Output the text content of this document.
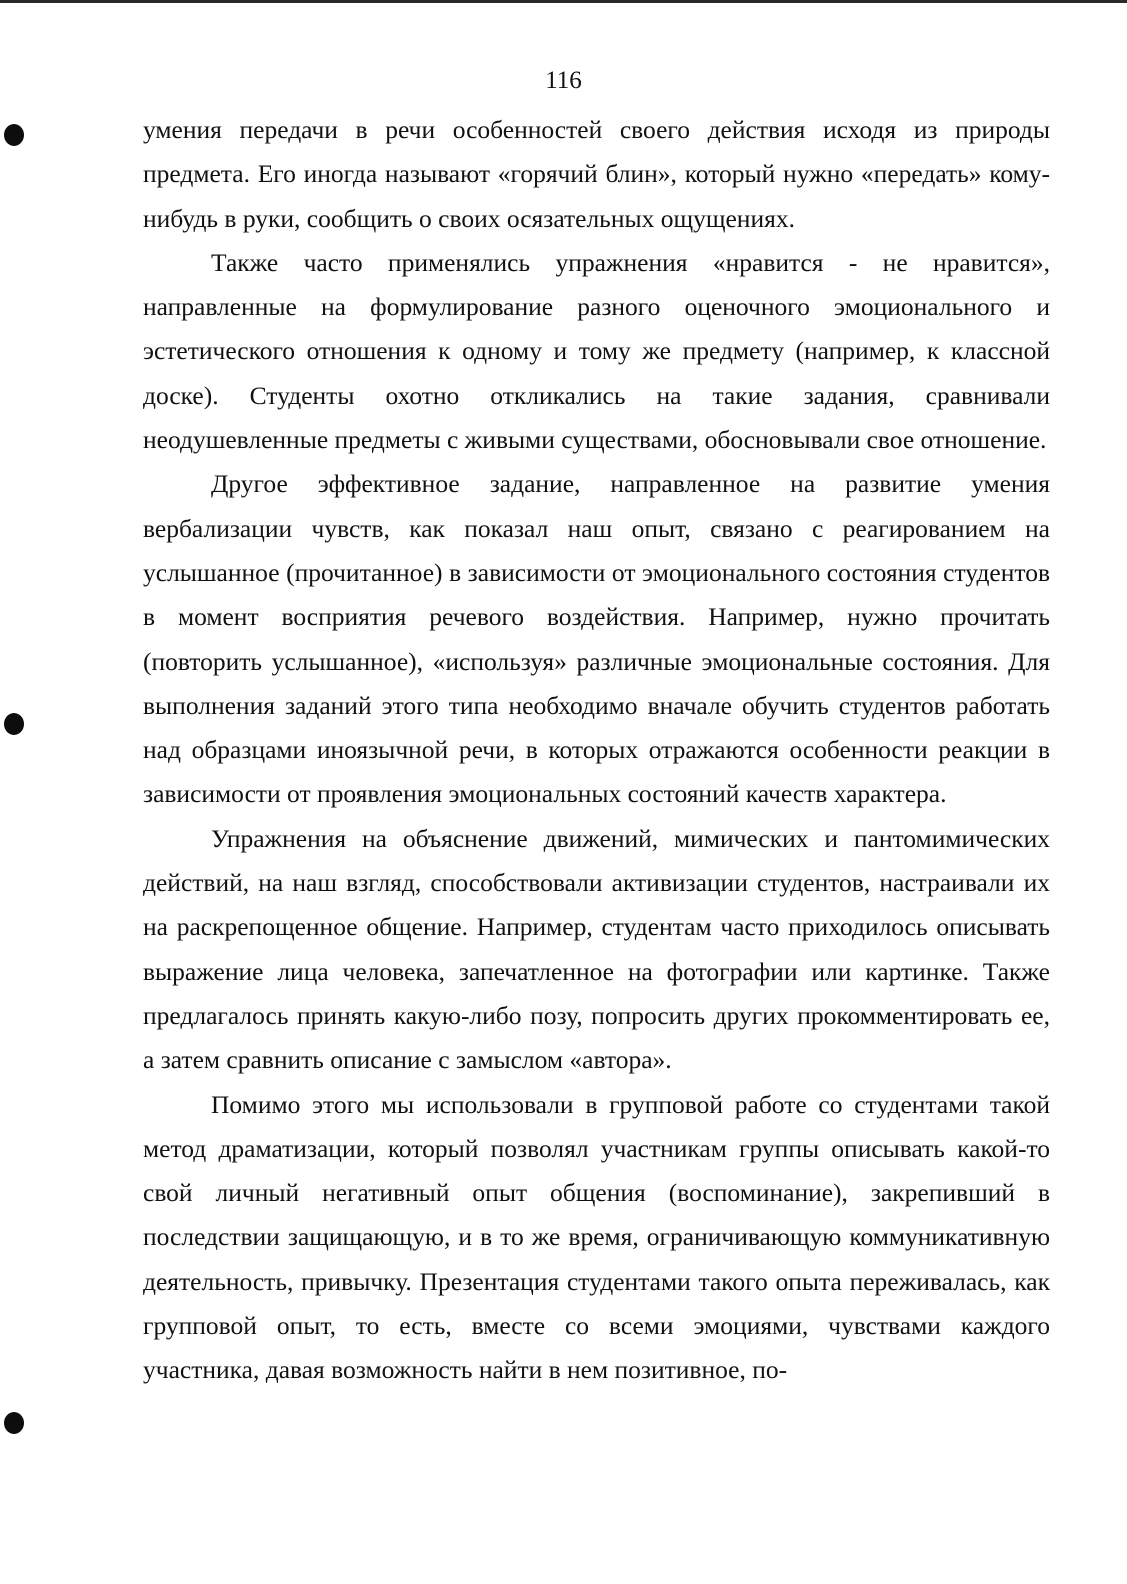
116

умения передачи в речи особенностей своего действия исходя из природы предмета. Его иногда называют «горячий блин», который нужно «передать» кому-нибудь в руки, сообщить о своих осязательных ощущениях.

Также часто применялись упражнения «нравится - не нравится», направленные на формулирование разного оценочного эмоционального и эстетического отношения к одному и тому же предмету (например, к классной доске). Студенты охотно откликались на такие задания, сравнивали неодушевленные предметы с живыми существами, обосновывали свое отношение.

Другое эффективное задание, направленное на развитие умения вербализации чувств, как показал наш опыт, связано с реагированием на услышанное (прочитанное) в зависимости от эмоционального состояния студентов в момент восприятия речевого воздействия. Например, нужно прочитать (повторить услышанное), «используя» различные эмоциональные состояния. Для выполнения заданий этого типа необходимо вначале обучить студентов работать над образцами иноязычной речи, в которых отражаются особенности реакции в зависимости от проявления эмоциональных состояний качеств характера.

Упражнения на объяснение движений, мимических и пантомимических действий, на наш взгляд, способствовали активизации студентов, настраивали их на раскрепощенное общение. Например, студентам часто приходилось описывать выражение лица человека, запечатленное на фотографии или картинке. Также предлагалось принять какую-либо позу, попросить других прокомментировать ее, а затем сравнить описание с замыслом «автора».

Помимо этого мы использовали в групповой работе со студентами такой метод драматизации, который позволял участникам группы описывать какой-то свой личный негативный опыт общения (воспоминание), закрепивший в последствии защищающую, и в то же время, ограничивающую коммуникативную деятельность, привычку. Презентация студентами такого опыта переживалась, как групповой опыт, то есть, вместе со всеми эмоциями, чувствами каждого участника, давая возможность найти в нем позитивное, по-
